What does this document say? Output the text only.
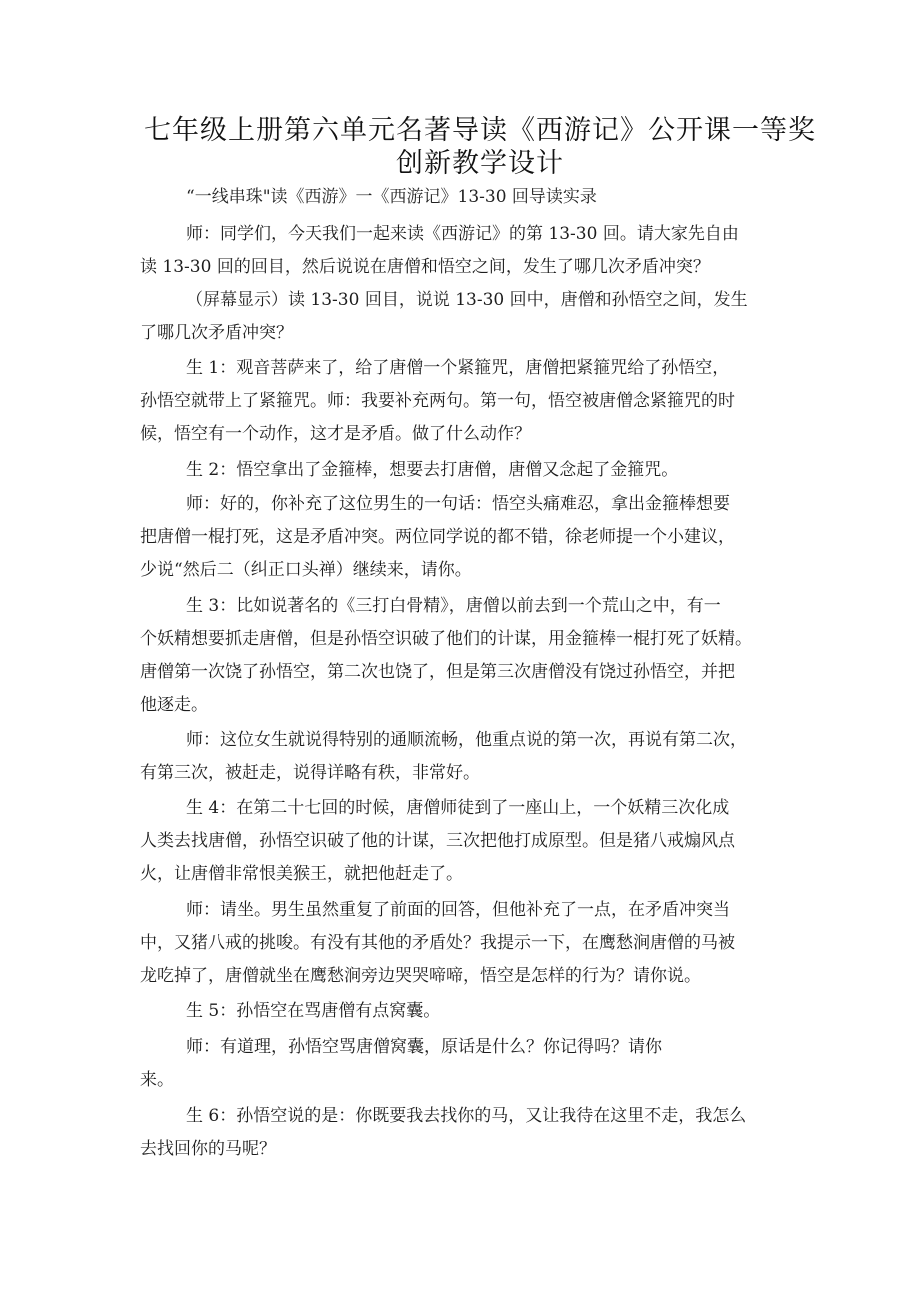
七年级上册第六单元名著导读《西游记》公开课一等奖
创新教学设计
“一线串珠"读《西游》一《西游记》13-30 回导读实录
师：同学们，今天我们一起来读《西游记》的第 13-30 回。请大家先自由
读 13-30 回的回目，然后说说在唐僧和悟空之间，发生了哪几次矛盾冲突？
（屏幕显示）读 13-30 回目，说说 13-30 回中，唐僧和孙悟空之间，发生
了哪几次矛盾冲突？
生 1：观音菩萨来了，给了唐僧一个紧箍咒，唐僧把紧箍咒给了孙悟空，
孙悟空就带上了紧箍咒。师：我要补充两句。第一句，悟空被唐僧念紧箍咒的时
候，悟空有一个动作，这才是矛盾。做了什么动作？
生 2：悟空拿出了金箍棒，想要去打唐僧，唐僧又念起了金箍咒。
师：好的，你补充了这位男生的一句话：悟空头痛难忍，拿出金箍棒想要
把唐僧一棍打死，这是矛盾冲突。两位同学说的都不错，徐老师提一个小建议，
少说“然后二（纠正口头禅）继续来，请你。
生 3：比如说著名的《三打白骨精》，唐僧以前去到一个荒山之中，有一
个妖精想要抓走唐僧，但是孙悟空识破了他们的计谋，用金箍棒一棍打死了妖精。
唐僧第一次饶了孙悟空，第二次也饶了，但是第三次唐僧没有饶过孙悟空，并把
他逐走。
师：这位女生就说得特别的通顺流畅，他重点说的第一次，再说有第二次，
有第三次，被赶走，说得详略有秩，非常好。
生 4：在第二十七回的时候，唐僧师徒到了一座山上，一个妖精三次化成
人类去找唐僧，孙悟空识破了他的计谋，三次把他打成原型。但是猪八戒煽风点
火，让唐僧非常恨美猴王，就把他赶走了。
师：请坐。男生虽然重复了前面的回答，但他补充了一点，在矛盾冲突当
中，又猪八戒的挑唆。有没有其他的矛盾处？我提示一下，在鹰愁涧唐僧的马被
龙吃掉了，唐僧就坐在鹰愁涧旁边哭哭啼啼，悟空是怎样的行为？请你说。
生 5：孙悟空在骂唐僧有点窝囊。
师：有道理，孙悟空骂唐僧窝囊，原话是什么？你记得吗？请你
来。
生 6：孙悟空说的是：你既要我去找你的马，又让我待在这里不走，我怎么
去找回你的马呢？
